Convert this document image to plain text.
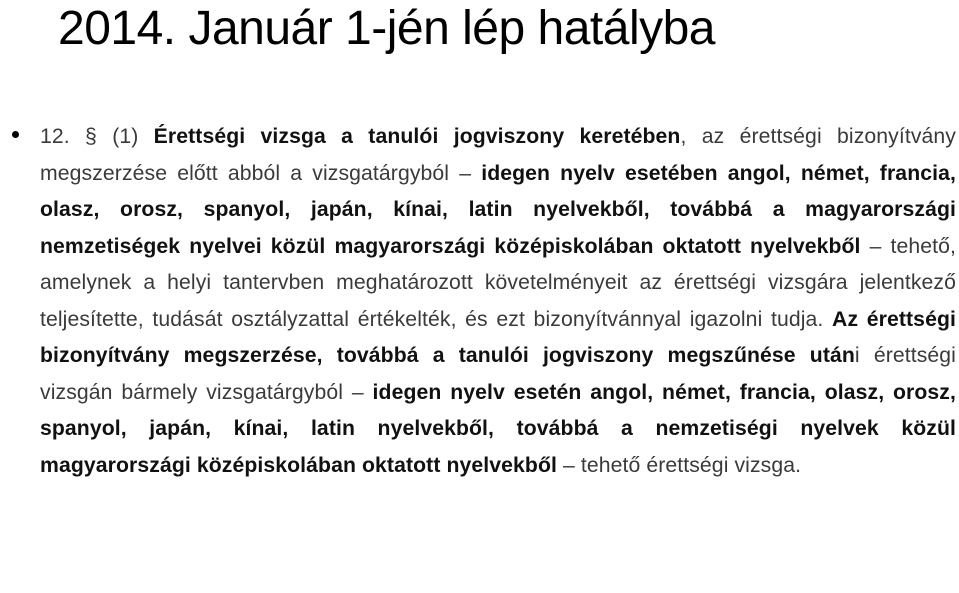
2014. Január 1-jén lép hatályba
12. § (1) Érettségi vizsga a tanulói jogviszony keretében, az érettségi bizonyítvány megszerzése előtt abból a vizsgatárgyból – idegen nyelv esetében angol, német, francia, olasz, orosz, spanyol, japán, kínai, latin nyelvekből, továbbá a magyarországi nemzetiségek nyelvei közül magyarországi középiskolában oktatott nyelvekből – tehető, amelynek a helyi tantervben meghatározott követelményeit az érettségi vizsgára jelentkező teljesítette, tudását osztályzattal értékelték, és ezt bizonyítvánnyal igazolni tudja. Az érettségi bizonyítvány megszerzése, továbbá a tanulói jogviszony megszűnése utáni érettségi vizsgán bármely vizsgatárgyból – idegen nyelv esetén angol, német, francia, olasz, orosz, spanyol, japán, kínai, latin nyelvekből, továbbá a nemzetiségi nyelvek közül magyarországi középiskolában oktatott nyelvekből – tehető érettségi vizsga.
